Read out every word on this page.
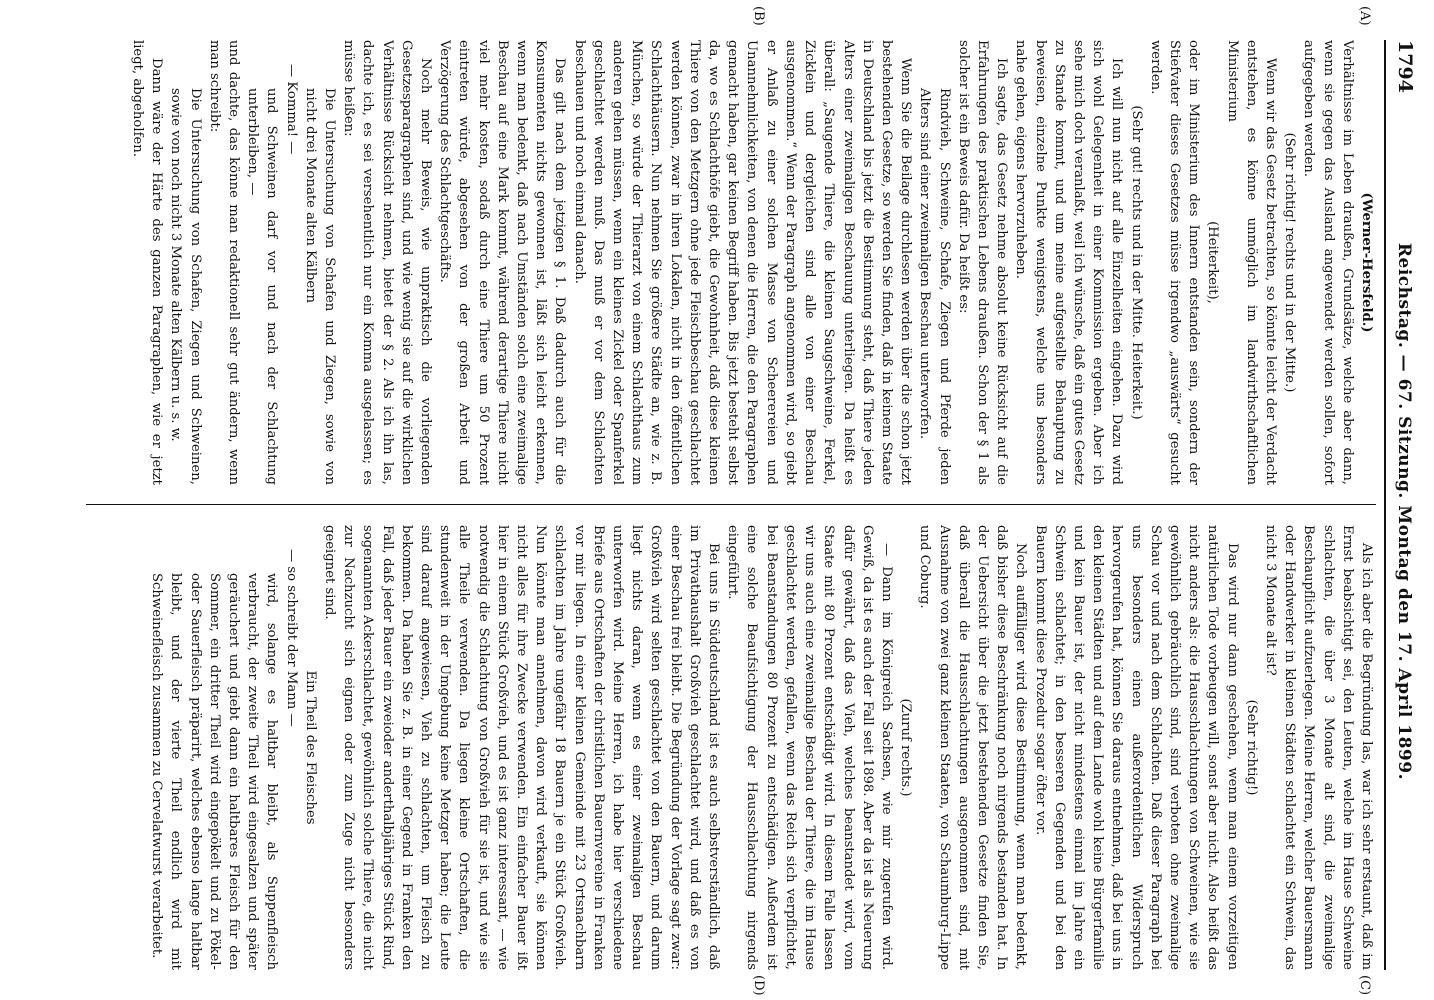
1794
Reichstag. — 67. Sitzung. Montag den 17. April 1899.
(A)
(B)
(C)
(D)

(Werner-Hersfeld.)

Verhältnisse im Leben draußen, Grundsätze, welche aber dann, wenn sie gegen das Ausland angewendet werden sollen, sofort aufgegeben werden.

(Sehr richtig! rechts und in der Mitte.)

Wenn wir das Gesetz betrachten, so könnte leicht der Verdacht entstehen, es könne unmöglich im landwirthschaftlichen Ministerium

(Heiterkeit),

oder im Ministerium des Innern entstanden sein, sondern der Stiefvater dieses Gesetzes müsse irgendwo „auswärts“ gesucht werden.

(Sehr gut! rechts und in der Mitte. Heiterkeit.)

Ich will nun nicht auf alle Einzelheiten eingehen. Dazu wird sich wohl Gelegenheit in einer Kommission ergeben. Aber ich sehe mich doch veranlaßt, weil ich wünsche, daß ein gutes Gesetz zu Stande kommt, und um meine aufgestellte Behauptung zu beweisen, einzelne Punkte wenigstens, welche uns besonders nahe gehen, eigens hervorzuheben.

Ich sagte, das Gesetz nehme absolut keine Rücksicht auf die Erfahrungen des praktischen Lebens draußen. Schon der § 1 als solcher ist ein Beweis dafür. Da heißt es:

Rindvieh, Schweine, Schafe, Ziegen und Pferde jeden Alters sind einer zweimaligen Beschau unterworfen.

Wenn Sie die Beilage durchlesen werden über die schon jetzt bestehenden Gesetze, so werden Sie finden, daß in keinem Staate in Deutschland bis jetzt die Bestimmung steht, daß Thiere jeden Alters einer zweimaligen Beschauung unterliegen. Da heißt es überall: „Saugende Thiere, die kleinen Saugschweine, Ferkel, Zicklein und dergleichen sind alle von einer Beschau ausgenommen.“ Wenn der Paragraph angenommen wird, so giebt er Anlaß zu einer solchen Masse von Scheerereien und Unannehmlichkeiten, von denen die Herren, die den Paragraphen gemacht haben, gar keinen Begriff haben. Bis jetzt besteht selbst da, wo es Schlachthöfe giebt, die Gewohnheit, daß diese kleinen Thiere von den Metzgern ohne jede Fleischbeschau geschlachtet werden können, zwar in ihren Lokalen, nicht in den öffentlichen Schlachthäusern. Nun nehmen Sie größere Städte an, wie z. B. München, so würde der Thierarzt von einem Schlachthaus zum anderen gehen müssen, wenn ein kleines Zickel oder Spanferkel geschlachtet werden muß. Das muß er vor dem Schlachten beschauen und noch einmal danach.

Das gilt nach dem jetzigen § 1. Daß dadurch auch für die Konsumenten nichts gewonnen ist, läßt sich leicht erkennen, wenn man bedenkt, daß nach Umständen solch eine zweimalige Beschau auf eine Mark kommt, während derartige Thiere nicht viel mehr kosten, sodaß durch eine Thiere um 50 Prozent eintreten würde, abgesehen von der großen Arbeit und Verzögerung des Schlachtgeschäfts.

Noch mehr Beweis, wie unpraktisch die vorliegenden Gesetzesparagraphen sind, und wie wenig sie auf die wirklichen Verhältnisse Rücksicht nehmen, bietet der § 2. Als ich ihn las, dachte ich, es sei versehentlich nur ein Komma ausgelassen; es müsse heißen:

Die Untersuchung von Schafen und Ziegen, sowie von nicht drei Monate alten Kälbern

— Komma! —

und Schweinen darf vor und nach der Schlachtung unterbleiben, —

und dachte, das könne man redaktionell sehr gut ändern, wenn man schreibt:

Die Untersuchung von Schafen, Ziegen und Schweinen, sowie von noch nicht 3 Monate alten Kälbern u. s. w.

Dann wäre der Härte des ganzen Paragraphen, wie er jetzt liegt, abgeholfen.

Als ich aber die Begründung las, war ich sehr erstaunt, daß im Ernst beabsichtigt sei, den Leuten, welche im Hause Schweine schlachten, die über 3 Monate alt sind, die zweimalige Beschaupflicht aufzuerlegen. Meine Herren, welcher Bauersmann oder Handwerker in kleinen Städten schlachtet ein Schwein, das nicht 3 Monate alt ist?

(Sehr richtig!)

Das wird nur dann geschehen, wenn man einem vorzeitigen natürlichen Tode vorbeugen will, sonst aber nicht. Also heißt das nicht anders als: die Hausschlachtungen von Schweinen, wie sie gewöhnlich gebräuchlich sind, sind verboten ohne zweimalige Schau vor und nach dem Schlachten. Daß dieser Paragraph bei uns besonders einen außerordentlichen Widerspruch hervorgerufen hat, können Sie daraus entnehmen, daß bei uns in den kleinen Städten und auf dem Lande wohl keine Bürgerfamilie und kein Bauer ist, der nicht mindestens einmal im Jahre ein Schwein schlachtet; in den besseren Gegenden und bei den Bauern kommt diese Prozedur sogar öfter vor.

Noch auffälliger wird diese Bestimmung, wenn man bedenkt, daß bisher diese Beschränkung noch nirgends bestanden hat. In der Uebersicht über die jetzt bestehenden Gesetze finden Sie, daß überall die Hausschlachtungen ausgenommen sind, mit Ausnahme von zwei ganz kleinen Staaten, von Schaumburg-Lippe und Coburg.

(Zuruf rechts.)

— Dann im Königreich Sachsen, wie mir zugerufen wird. Gewiß, da ist es auch der Fall seit 1898. Aber da ist als Neuerung dafür gewährt, daß das Vieh, welches beanstandet wird, vom Staate mit 80 Prozent entschädigt wird. In diesem Falle lassen wir uns auch eine zweimalige Beschau der Thiere, die im Hause geschlachtet werden, gefallen, wenn das Reich sich verpflichtet, bei Beanstandungen 80 Prozent zu entschädigen. Außerdem ist eine solche Beaufsichtigung der Hausschlachtung nirgends eingeführt.

Bei uns in Süddeutschland ist es auch selbstverständlich, daß im Privathaushalt Großvieh geschlachtet wird, und daß es von einer Beschau frei bleibt. Die Begründung der Vorlage sagt zwar: Großvieh wird selten geschlachtet von den Bauern, und darum liegt nichts daran, wenn es einer zweimaligen Beschau unterworfen wird. Meine Herren, ich habe hier verschiedene Briefe aus Ortschaften der christlichen Bauernvereine in Franken vor mir liegen. In einer kleinen Gemeinde mit 23 Ortsnachbarn schlachten im Jahre ungefähr 18 Bauern je ein Stück Großvieh. Nun könnte man annehmen, davon wird verkauft, sie können nicht alles für ihre Zwecke verwenden. Ein einfacher Bauer ißt hier in einem Stück Großvieh, und es ist ganz interessant, — wie notwendig die Schlachtung von Großvieh für sie ist, und wie sie alle Theile verwenden. Da liegen kleine Ortschaften, die stundenweit in der Umgebung keine Metzger haben; die Leute sind darauf angewiesen, Vieh zu schlachten, um Fleisch zu bekommen. Da haben Sie z. B. in einer Gegend in Franken den Fall, daß jeder Bauer ein zweioder anderthalbjähriges Stück Rind, sogenannten Ackerschlachtet, gewöhnlich solche Thiere, die nicht zur Nachzucht sich eignen oder zum Zuge nicht besonders geeignet sind.

Ein Theil des Fleisches

— so schreibt der Mann —

wird, solange es haltbar bleibt, als Suppenfleisch verbraucht, der zweite Theil wird eingesalzen und später geräuchert und giebt dann ein haltbares Fleisch für den Sommer, ein dritter Theil wird eingepökelt und zu Pökel- oder Sauerfleisch präparirt, welches ebenso lange haltbar bleibt, und der vierte Theil endlich wird mit Schweinefleisch zusammen zu Cervelatwurst verarbeitet.
